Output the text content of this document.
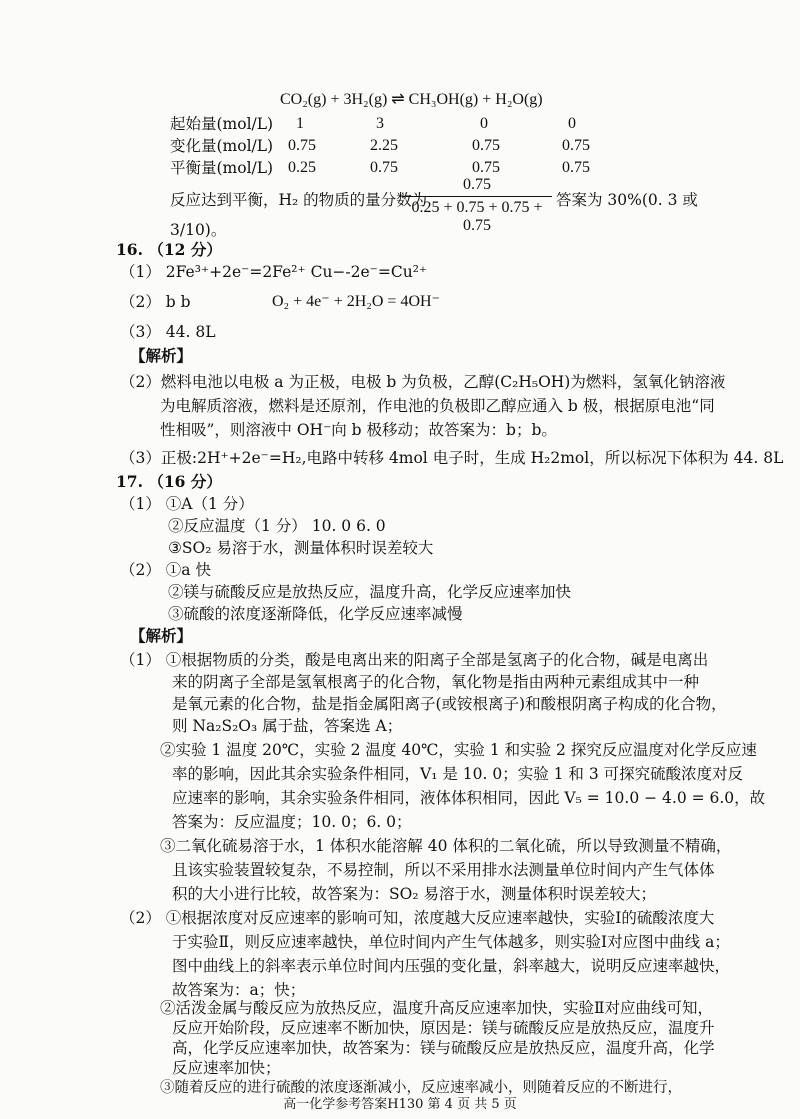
CO₂(g) + 3H₂(g) ⇌ CH₃OH(g) + H₂O(g)
起始量(mol/L) 1	3	0	0
变化量(mol/L) 0.75	2.25	0.75	0.75
平衡量(mol/L) 0.25	0.75	0.75	0.75
反应达到平衡，H₂ 的物质的量分数为
0.75
0.25 + 0.75 + 0.75 + 0.75
答案为 30%(0. 3 或
3/10)。
16. （12 分）
（1） 2Fe³⁺+2e⁻=2Fe²⁺ Cu−-2e⁻=Cu²⁺
（2） b b	O₂ + 4e⁻ + 2H₂O = 4OH⁻
（3） 44. 8L
【解析】
（2）燃料电池以电极 a 为正极，电极 b 为负极，乙醇(C₂H₅OH)为燃料，氢氧化钠溶液
为电解质溶液，燃料是还原剂，作电池的负极即乙醇应通入 b 极，根据原电池“同
性相吸”，则溶液中 OH⁻向 b 极移动；故答案为：b；b。
（3）正极:2H⁺+2e⁻=H₂,电路中转移 4mol 电子时，生成 H₂2mol，所以标况下体积为 44. 8L
17. （16 分）
（1） ①A（1 分）
②反应温度（1 分） 10. 0 6. 0
③SO₂ 易溶于水，测量体积时误差较大
（2） ①a 快
②镁与硫酸反应是放热反应，温度升高，化学反应速率加快
③硫酸的浓度逐渐降低，化学反应速率减慢
【解析】
（1） ①根据物质的分类，酸是电离出来的阳离子全部是氢离子的化合物，碱是电离出
来的阴离子全部是氢氧根离子的化合物，氧化物是指由两种元素组成其中一种
是氧元素的化合物，盐是指金属阳离子(或铵根离子)和酸根阴离子构成的化合物，
则 Na₂S₂O₃ 属于盐，答案选 A；
②实验 1 温度 20℃，实验 2 温度 40℃，实验 1 和实验 2 探究反应温度对化学反应速
率的影响，因此其余实验条件相同，V₁ 是 10. 0；实验 1 和 3 可探究硫酸浓度对反
应速率的影响，其余实验条件相同，液体体积相同，因此 V₅ = 10.0 − 4.0 = 6.0，故
答案为：反应温度；10. 0；6. 0；
③二氧化硫易溶于水，1 体积水能溶解 40 体积的二氧化硫，所以导致测量不精确，
且该实验装置较复杂，不易控制，所以不采用排水法测量单位时间内产生气体体
积的大小进行比较，故答案为：SO₂ 易溶于水，测量体积时误差较大；
（2） ①根据浓度对反应速率的影响可知，浓度越大反应速率越快，实验Ⅰ的硫酸浓度大
于实验Ⅱ，则反应速率越快，单位时间内产生气体越多，则实验Ⅰ对应图中曲线 a；
图中曲线上的斜率表示单位时间内压强的变化量，斜率越大，说明反应速率越快，
故答案为：a；快；
②活泼金属与酸反应为放热反应，温度升高反应速率加快，实验Ⅱ对应曲线可知，
反应开始阶段，反应速率不断加快，原因是：镁与硫酸反应是放热反应，温度升
高，化学反应速率加快，故答案为：镁与硫酸反应是放热反应，温度升高，化学
反应速率加快；
③随着反应的进行硫酸的浓度逐渐减小，反应速率减小，则随着反应的不断进行，
高一化学参考答案H130 第 4 页 共 5 页
